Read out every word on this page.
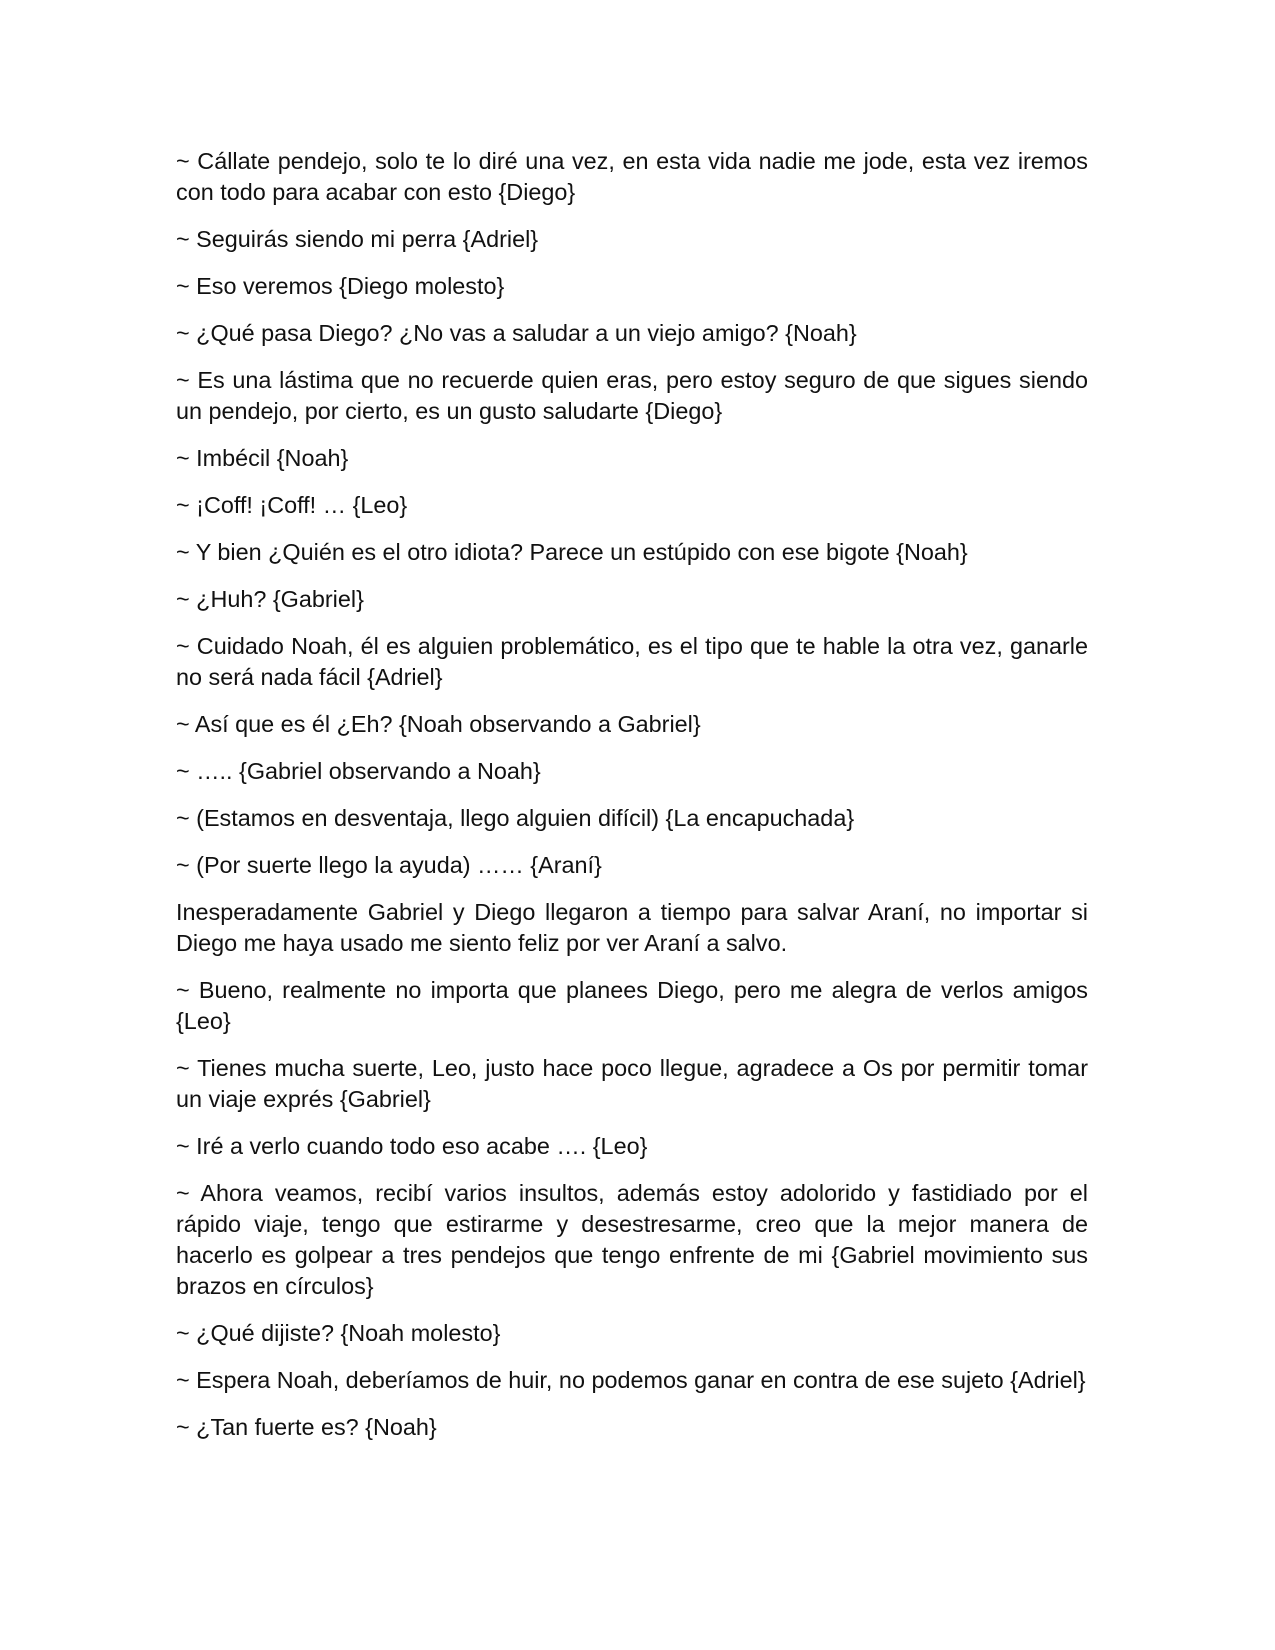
~ Cállate pendejo, solo te lo diré una vez, en esta vida nadie me jode, esta vez iremos con todo para acabar con esto {Diego}

~ Seguirás siendo mi perra {Adriel}

~ Eso veremos {Diego molesto}

~ ¿Qué pasa Diego? ¿No vas a saludar a un viejo amigo? {Noah}

~ Es una lástima que no recuerde quien eras, pero estoy seguro de que sigues siendo un pendejo, por cierto, es un gusto saludarte {Diego}

~ Imbécil {Noah}

~ ¡Coff! ¡Coff! … {Leo}

~ Y bien ¿Quién es el otro idiota? Parece un estúpido con ese bigote {Noah}

~ ¿Huh? {Gabriel}

~ Cuidado Noah, él es alguien problemático, es el tipo que te hable la otra vez, ganarle no será nada fácil {Adriel}

~ Así que es él ¿Eh? {Noah observando a Gabriel}

~ ….. {Gabriel observando a Noah}

~ (Estamos en desventaja, llego alguien difícil) {La encapuchada}

~ (Por suerte llego la ayuda) …… {Araní}

Inesperadamente Gabriel y Diego llegaron a tiempo para salvar Araní, no importar si Diego me haya usado me siento feliz por ver Araní a salvo.

~ Bueno, realmente no importa que planees Diego, pero me alegra de verlos amigos {Leo}

~ Tienes mucha suerte, Leo, justo hace poco llegue, agradece a Os por permitir tomar un viaje exprés {Gabriel}

~ Iré a verlo cuando todo eso acabe …. {Leo}

~ Ahora veamos, recibí varios insultos, además estoy adolorido y fastidiado por el rápido viaje, tengo que estirarme y desestresarme, creo que la mejor manera de hacerlo es golpear a tres pendejos que tengo enfrente de mi {Gabriel movimiento sus brazos en círculos}

~ ¿Qué dijiste? {Noah molesto}

~ Espera Noah, deberíamos de huir, no podemos ganar en contra de ese sujeto {Adriel}

~ ¿Tan fuerte es? {Noah}
